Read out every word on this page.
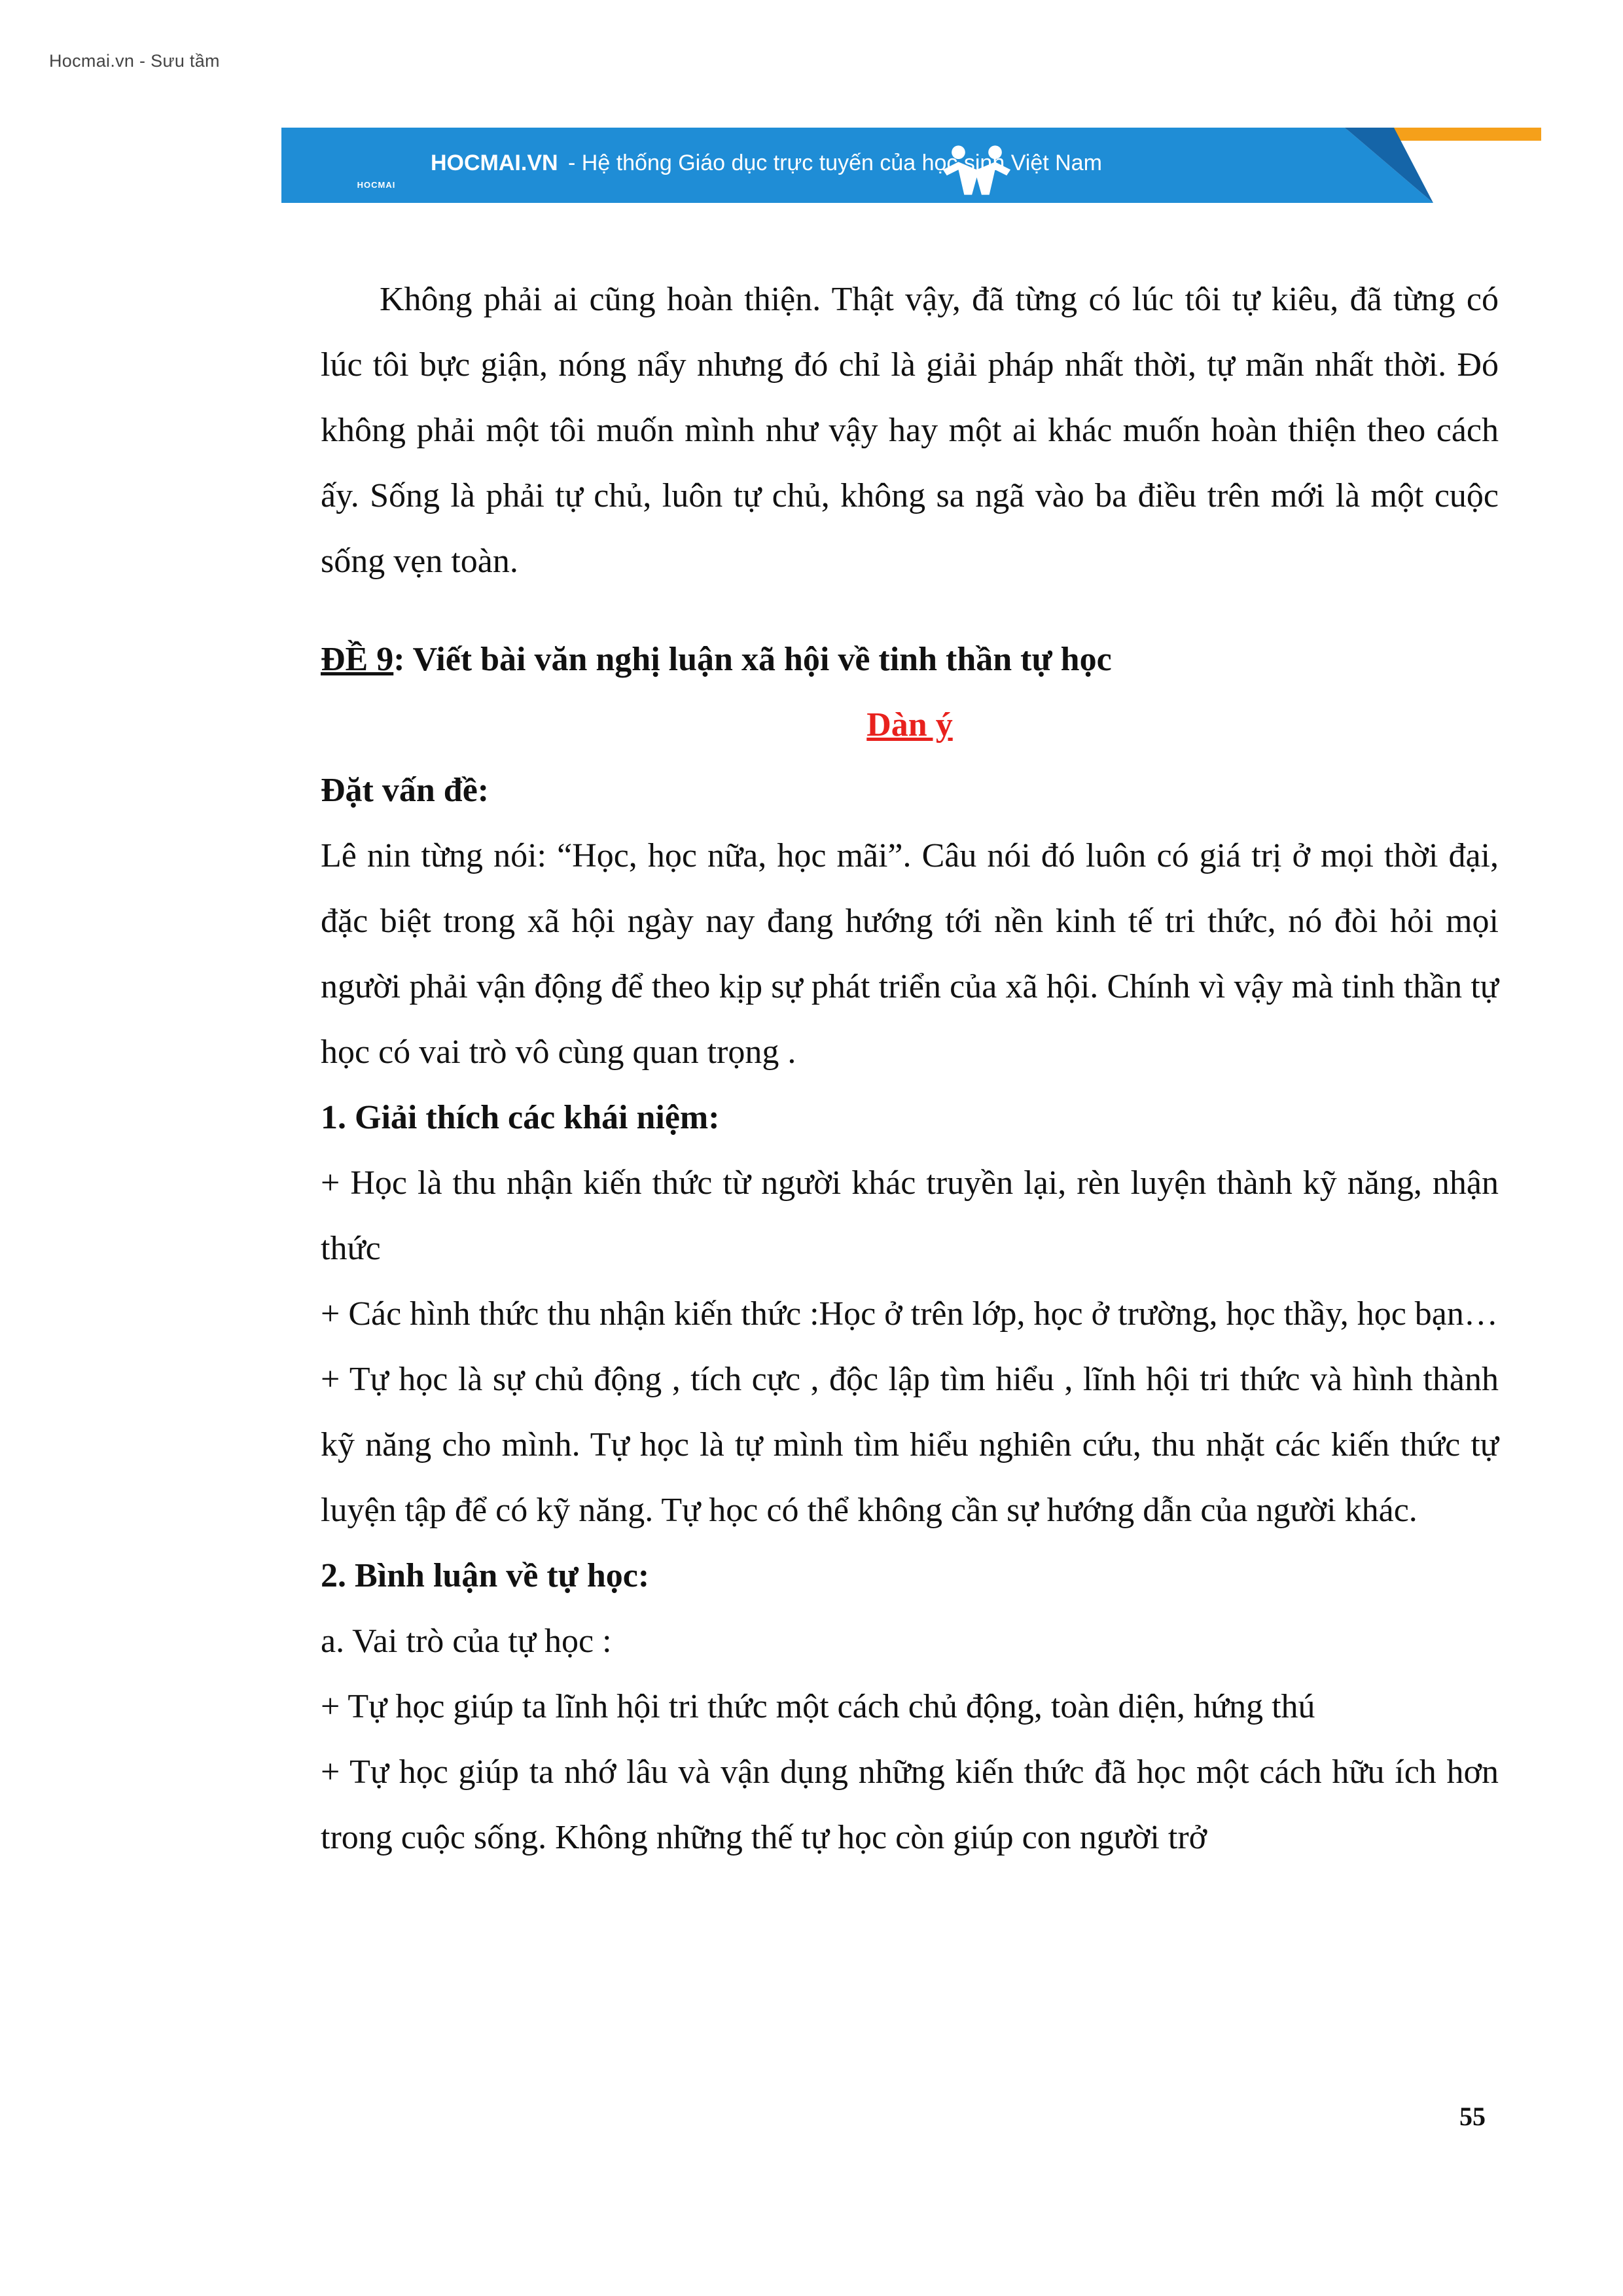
Hocmai.vn - Sưu tầm
HOCMAI
HOCMAI.VN - Hệ thống Giáo dục trực tuyến của học sinh Việt Nam

Không phải ai cũng hoàn thiện. Thật vậy, đã từng có lúc tôi tự kiêu, đã từng có lúc tôi bực giận, nóng nẩy nhưng đó chỉ là giải pháp nhất thời, tự mãn nhất thời. Đó không phải một tôi muốn mình như vậy hay một ai khác muốn hoàn thiện theo cách ấy. Sống là phải tự chủ, luôn tự chủ, không sa ngã vào ba điều trên mới là một cuộc sống vẹn toàn.

ĐỀ 9: Viết bài văn nghị luận xã hội về tinh thần tự học

Dàn ý

Đặt vấn đề:

Lê nin từng nói: “Học, học nữa, học mãi”. Câu nói đó luôn có giá trị ở mọi thời đại, đặc biệt trong xã hội ngày nay đang hướng tới nền kinh tế tri thức, nó đòi hỏi mọi người phải vận động để theo kịp sự phát triển của xã hội. Chính vì vậy mà tinh thần tự học có vai trò vô cùng quan trọng .

1. Giải thích các khái niệm:

+ Học là thu nhận kiến thức từ người khác truyền lại, rèn luyện thành kỹ năng, nhận thức

+ Các hình thức thu nhận kiến thức :Học ở trên lớp, học ở trường, học thầy, học bạn…

+ Tự học là sự chủ động , tích cực , độc lập tìm hiểu , lĩnh hội tri thức và hình thành kỹ năng cho mình. Tự học là tự mình tìm hiểu nghiên cứu, thu nhặt các kiến thức tự luyện tập để có kỹ năng. Tự học có thể không cần sự hướng dẫn của người khác.

2. Bình luận về tự học:

a. Vai trò của tự học :

+ Tự học giúp ta lĩnh hội tri thức một cách chủ động, toàn diện, hứng thú

+ Tự học giúp ta nhớ lâu và vận dụng những kiến thức đã học một cách hữu ích hơn trong cuộc sống. Không những thế tự học còn giúp con người trở

55
